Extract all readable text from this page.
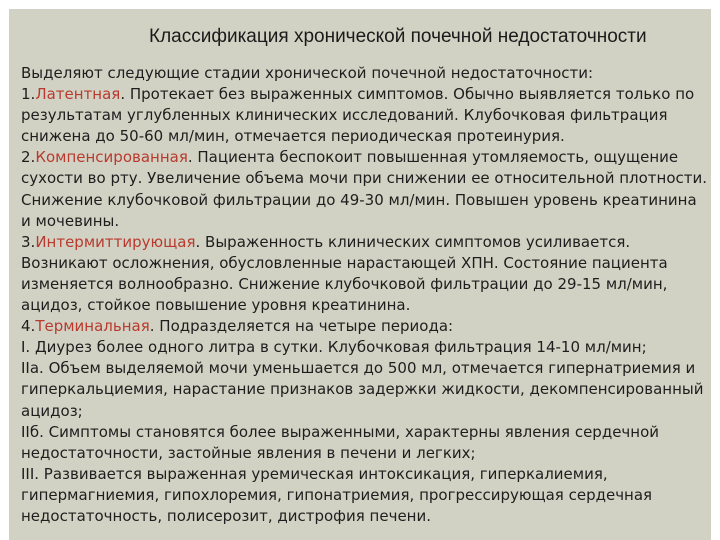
Классификация хронической почечной недостаточности

Выделяют следующие стадии хронической почечной недостаточности:

1.Латентная. Протекает без выраженных симптомов. Обычно выявляется только по

результатам углубленных клинических исследований. Клубочковая фильтрация

снижена до 50-60 мл/мин, отмечается периодическая протеинурия.

2.Компенсированная. Пациента беспокоит повышенная утомляемость, ощущение

сухости во рту. Увеличение объема мочи при снижении ее относительной плотности.

Снижение клубочковой фильтрации до 49-30 мл/мин. Повышен уровень креатинина

и мочевины.

3.Интермиттирующая. Выраженность клинических симптомов усиливается.

Возникают осложнения, обусловленные нарастающей ХПН. Состояние пациента

изменяется волнообразно. Снижение клубочковой фильтрации до 29-15 мл/мин,

ацидоз, стойкое повышение уровня креатинина.

4.Терминальная. Подразделяется на четыре периода:

I. Диурез более одного литра в сутки. Клубочковая фильтрация 14-10 мл/мин;

IIa. Объем выделяемой мочи уменьшается до 500 мл, отмечается гипернатриемия и

гиперкальциемия, нарастание признаков задержки жидкости, декомпенсированный

ацидоз;

IIб. Симптомы становятся более выраженными, характерны явления сердечной

недостаточности, застойные явления в печени и легких;

III. Развивается выраженная уремическая интоксикация, гиперкалиемия,

гипермагниемия, гипохлоремия, гипонатриемия, прогрессирующая сердечная

недостаточность, полисерозит, дистрофия печени.
